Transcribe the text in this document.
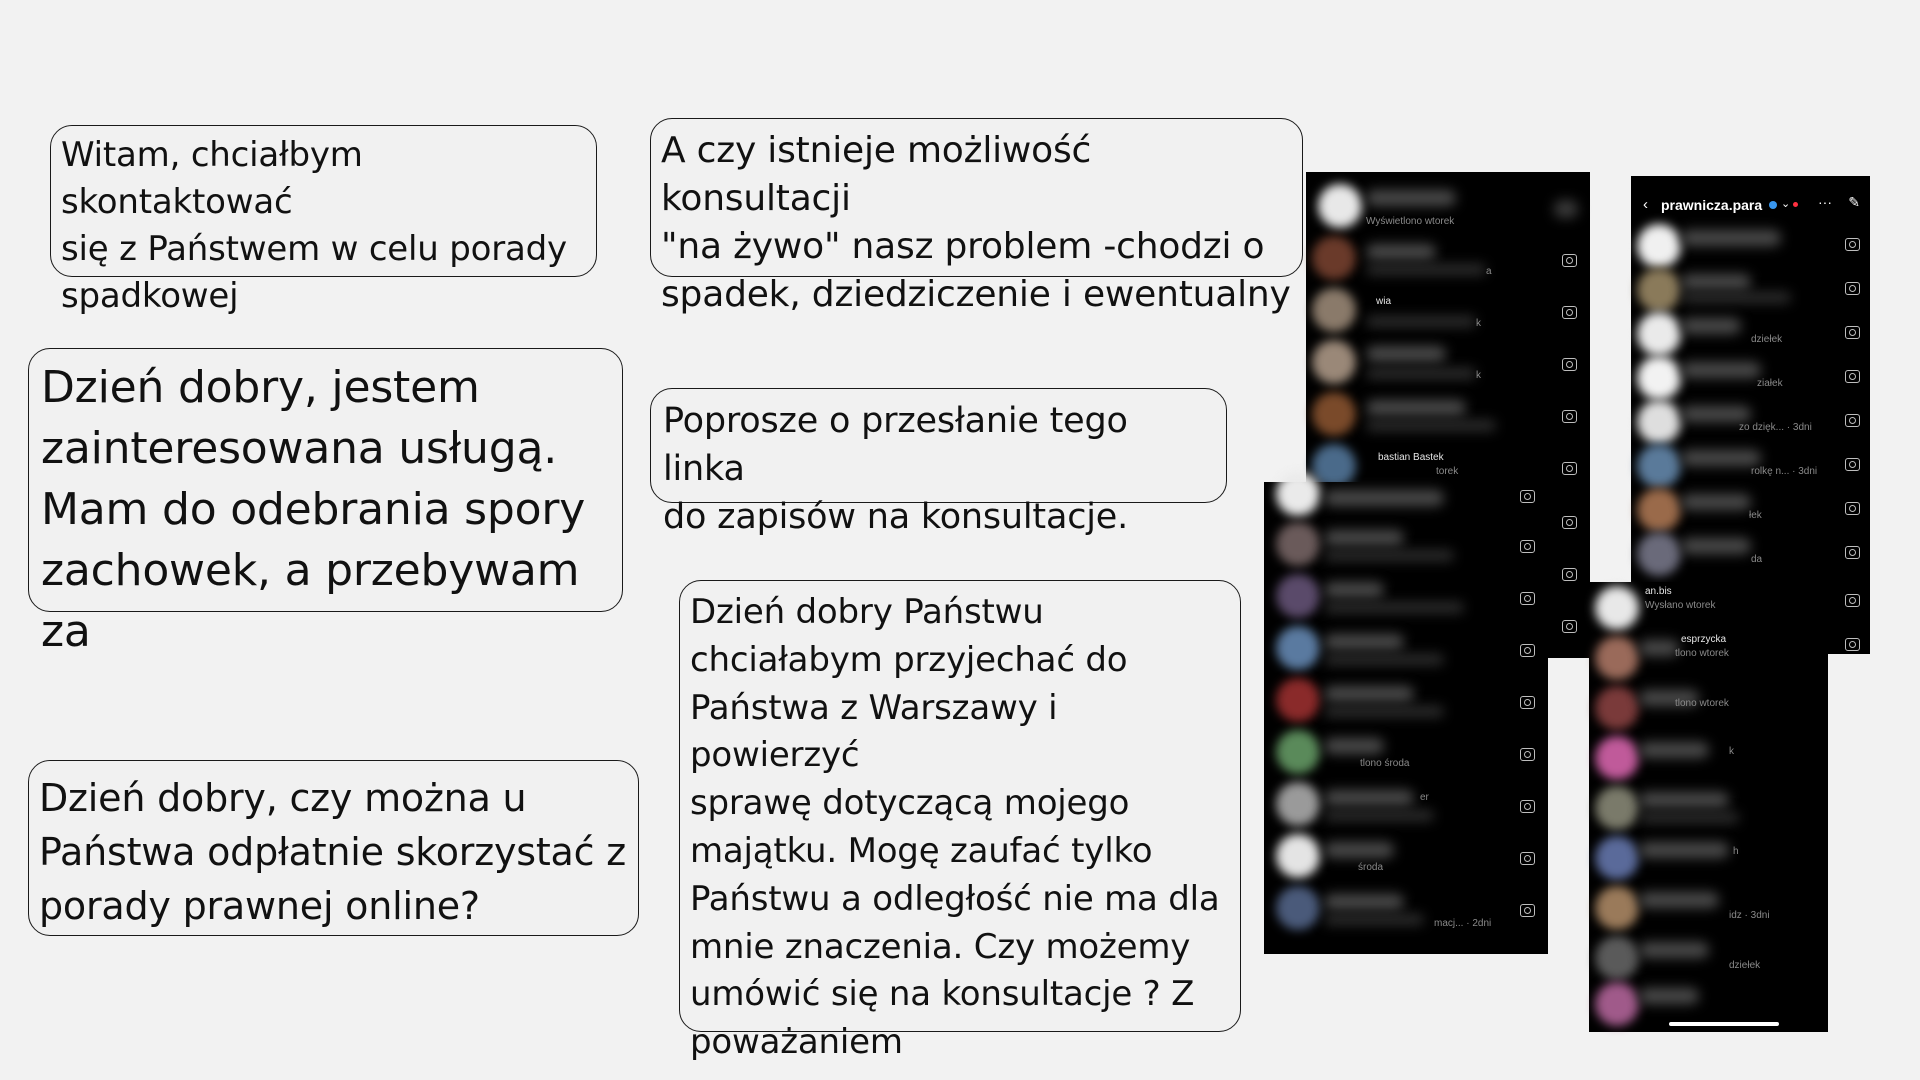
Witam, chciałbym skontaktować
się z Państwem w celu porady
spadkowej
A czy istnieje możliwość konsultacji
"na żywo" nasz problem -chodzi o
spadek, dziedziczenie i ewentualny
Dzień dobry, jestem
zainteresowana usługą.
Mam do odebrania spory
zachowek, a przebywam za
Poprosze o przesłanie tego linka
do zapisów na konsultacje.
Dzień dobry, czy można u
Państwa odpłatnie skorzystać z
porady prawnej online?
Dzień dobry Państwu
chciałabym przyjechać do
Państwa z Warszawy i powierzyć
sprawę dotyczącą mojego
majątku. Mogę zaufać tylko
Państwu a odległość nie ma dla
mnie znaczenia. Czy możemy
umówić się na konsultacje ? Z
poważaniem
Wyświetlono wtorek
a
wia
k
k
bastian Bastek
torek
tlono środa
er
środa
macj... · 2dni
‹ prawnicza.para ⌄ ··· ✎
dziełek
ziałek
zo dzięk... · 3dni
rolkę n... · 3dni
łek
da
an.bis
Wysłano wtorek
esprzycka
tlono wtorek
tlono wtorek
k
h
idz · 3dni
dziełek
